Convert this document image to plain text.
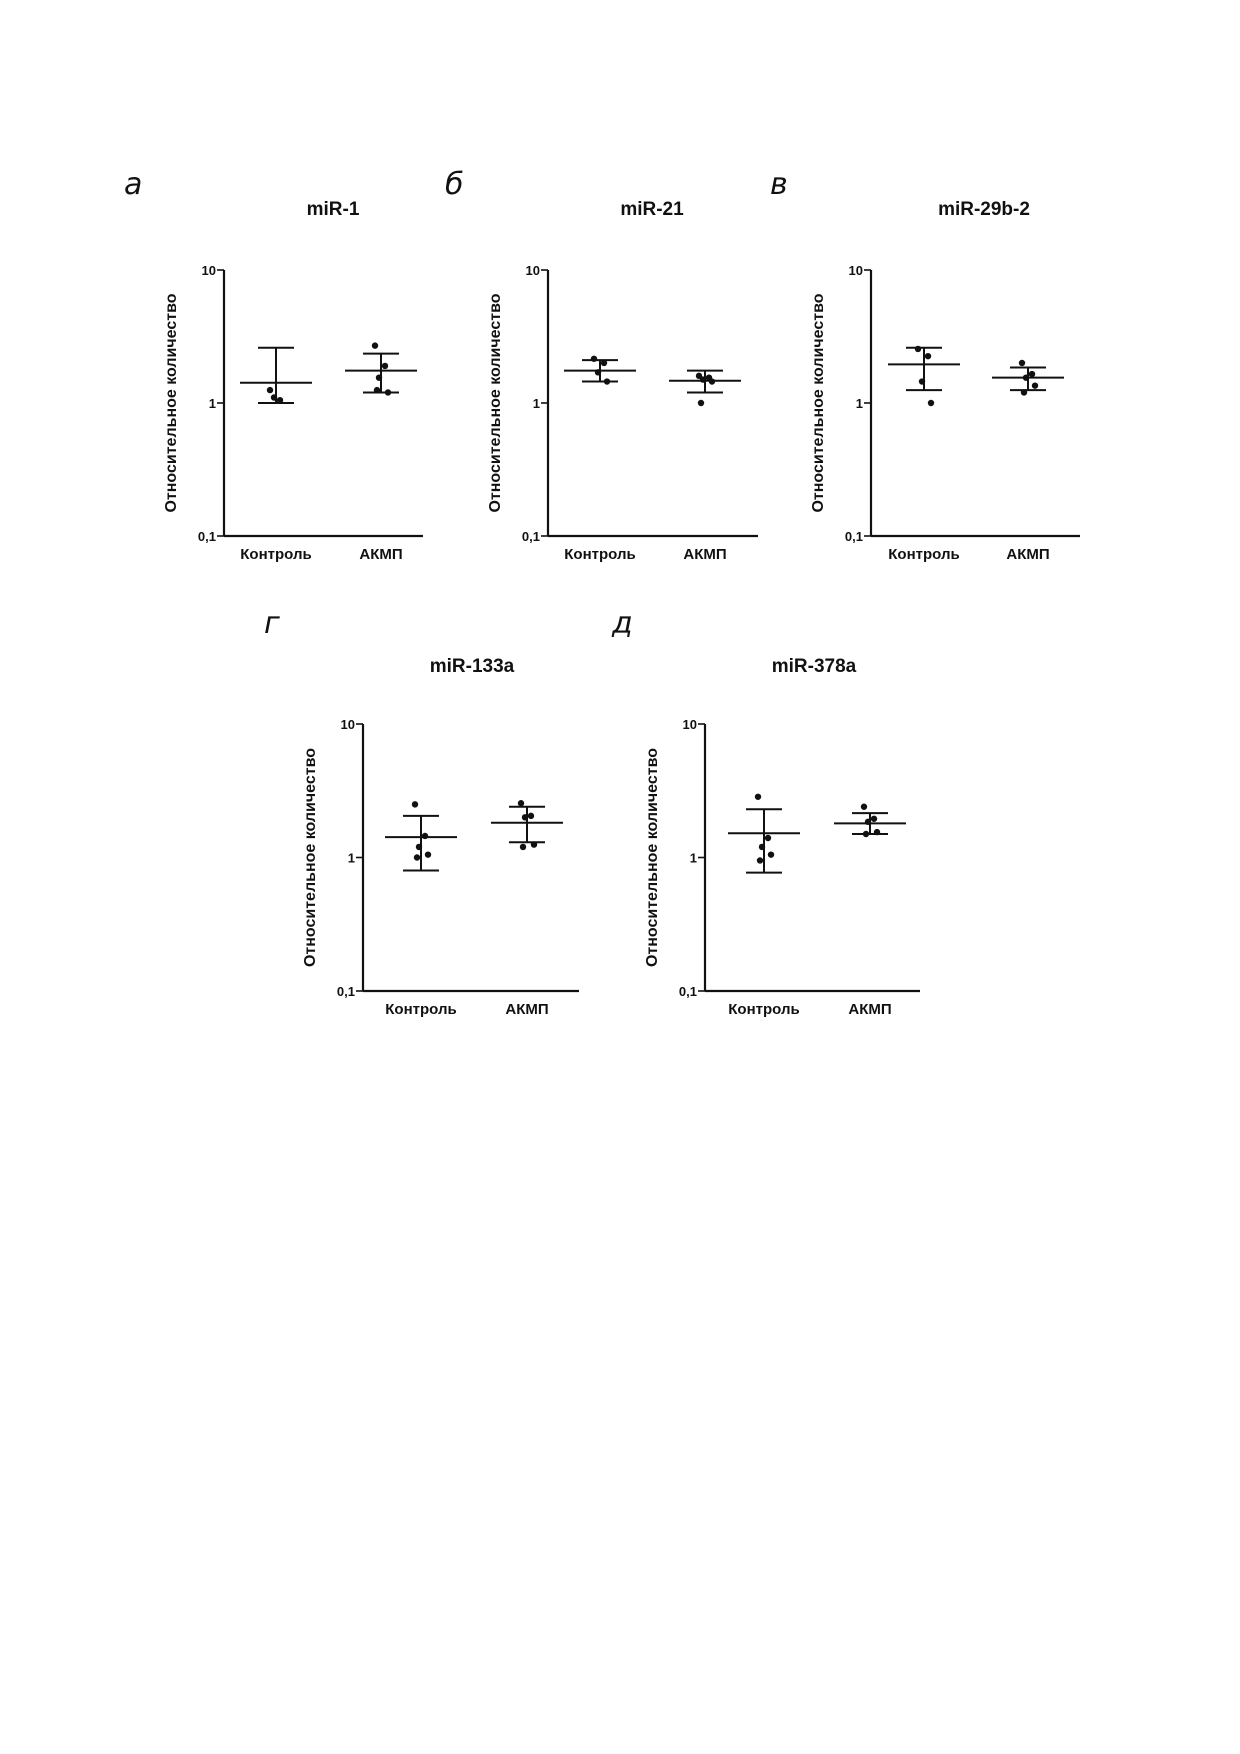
а
miR-1
Относительное количество
0,1
1
10
Контроль	АКМП
б
miR-21
Относительное количество
0,1
1
10
Контроль	АКМП
в
miR-29b-2
Относительное количество
0,1
1
10
Контроль	АКМП
г
miR-133a
Относительное количество
0,1
1
10
Контроль	АКМП
д
miR-378a
Относительное количество
0,1
1
10
Контроль	АКМП
